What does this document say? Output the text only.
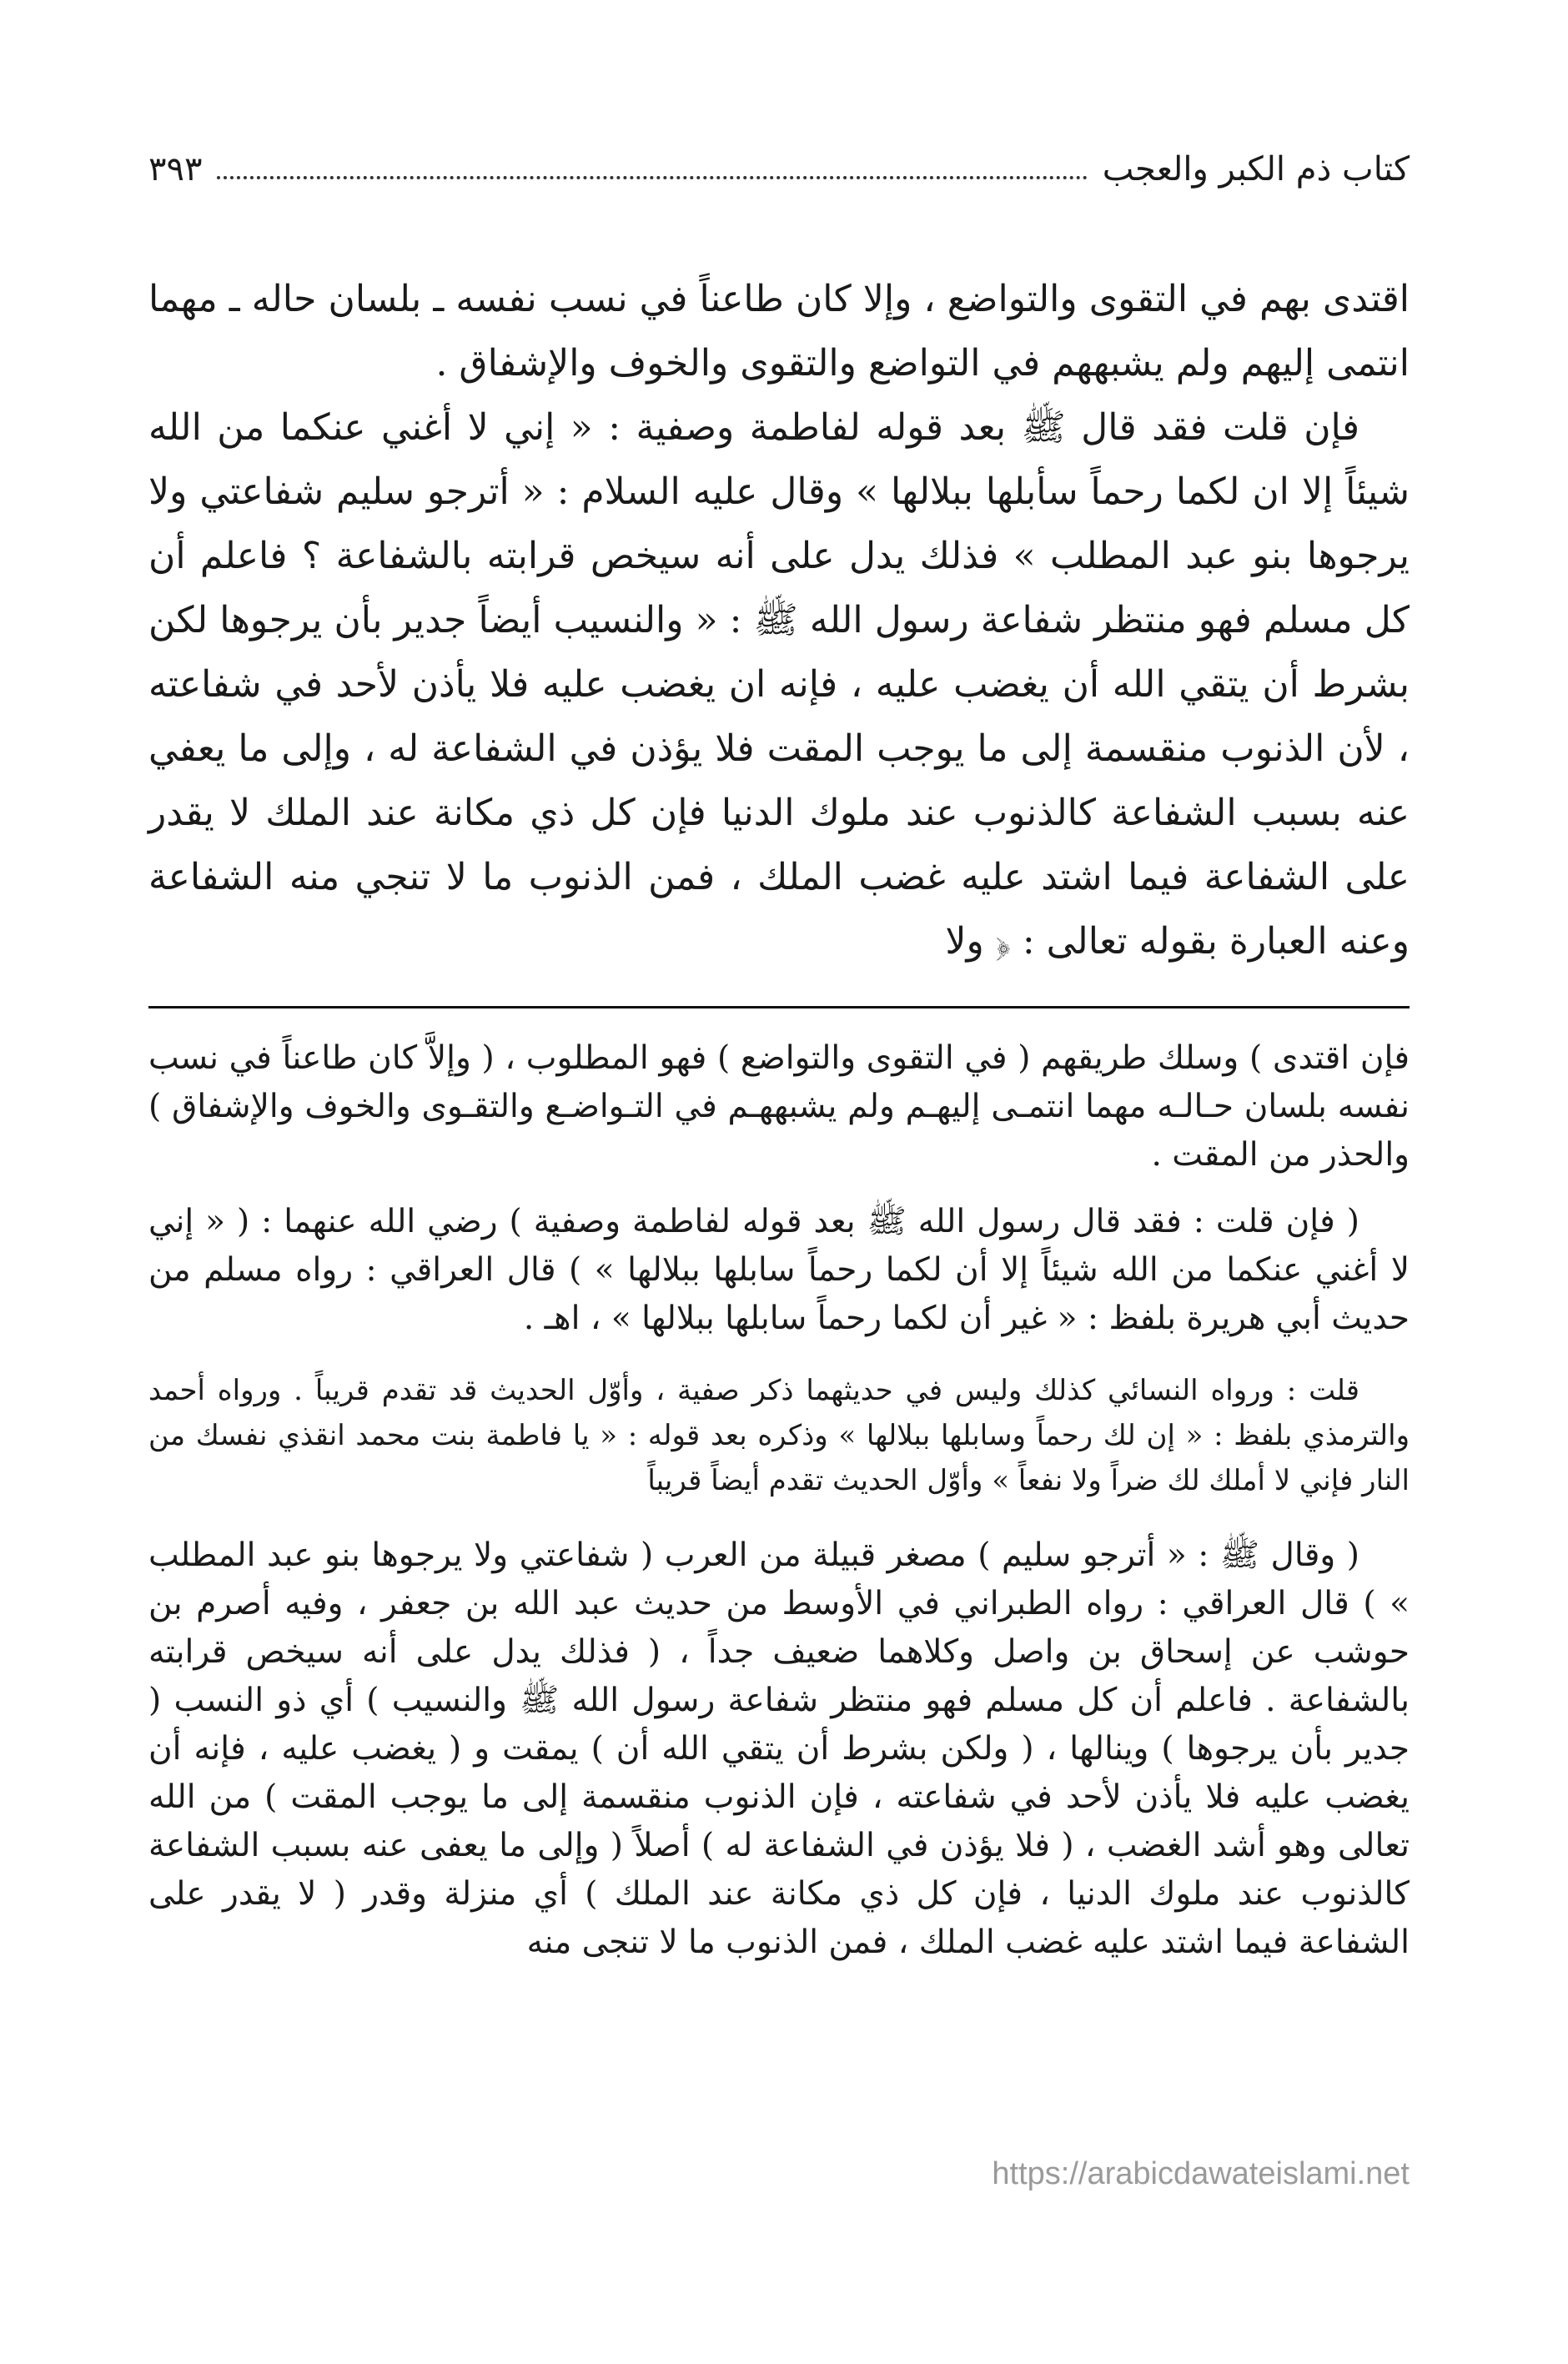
كتاب ذم الكبر والعجب
٣٩٣

اقتدى بهم في التقوى والتواضع ، وإلا كان طاعناً في نسب نفسه ـ بلسان حاله ـ مهما انتمى إليهم ولم يشبههم في التواضع والتقوى والخوف والإشفاق .

فإن قلت فقد قال ﷺ بعد قوله لفاطمة وصفية : « إني لا أغني عنكما من الله شيئاً إلا ان لكما رحماً سأبلها ببلالها » وقال عليه السلام : « أترجو سليم شفاعتي ولا يرجوها بنو عبد المطلب » فذلك يدل على أنه سيخص قرابته بالشفاعة ؟ فاعلم أن كل مسلم فهو منتظر شفاعة رسول الله ﷺ : « والنسيب أيضاً جدير بأن يرجوها لكن بشرط أن يتقي الله أن يغضب عليه ، فإنه ان يغضب عليه فلا يأذن لأحد في شفاعته ، لأن الذنوب منقسمة إلى ما يوجب المقت فلا يؤذن في الشفاعة له ، وإلى ما يعفي عنه بسبب الشفاعة كالذنوب عند ملوك الدنيا فإن كل ذي مكانة عند الملك لا يقدر على الشفاعة فيما اشتد عليه غضب الملك ، فمن الذنوب ما لا تنجي منه الشفاعة وعنه العبارة بقوله تعالى : ﴿ ولا

فإن اقتدى ) وسلك طريقهم ( في التقوى والتواضع ) فهو المطلوب ، ( وإلاَّ كان طاعناً في نسب نفسه بلسان حـالـه مهما انتمـى إليهـم ولم يشبههـم في التـواضـع والتقـوى والخوف والإشفاق ) والحذر من المقت .

( فإن قلت : فقد قال رسول الله ﷺ بعد قوله لفاطمة وصفية ) رضي الله عنهما : ( « إني لا أغني عنكما من الله شيئاً إلا أن لكما رحماً سابلها ببلالها » ) قال العراقي : رواه مسلم من حديث أبي هريرة بلفظ : « غير أن لكما رحماً سابلها ببلالها » ، اهـ .

قلت : ورواه النسائي كذلك وليس في حديثهما ذكر صفية ، وأوّل الحديث قد تقدم قريباً . ورواه أحمد والترمذي بلفظ : « إن لك رحماً وسابلها ببلالها » وذكره بعد قوله : « يا فاطمة بنت محمد انقذي نفسك من النار فإني لا أملك لك ضراً ولا نفعاً » وأوّل الحديث تقدم أيضاً قريباً

( وقال ﷺ : « أترجو سليم ) مصغر قبيلة من العرب ( شفاعتي ولا يرجوها بنو عبد المطلب » ) قال العراقي : رواه الطبراني في الأوسط من حديث عبد الله بن جعفر ، وفيه أصرم بن حوشب عن إسحاق بن واصل وكلاهما ضعيف جداً ، ( فذلك يدل على أنه سيخص قرابته بالشفاعة . فاعلم أن كل مسلم فهو منتظر شفاعة رسول الله ﷺ والنسيب ) أي ذو النسب ( جدير بأن يرجوها ) وينالها ، ( ولكن بشرط أن يتقي الله أن ) يمقت و ( يغضب عليه ، فإنه أن يغضب عليه فلا يأذن لأحد في شفاعته ، فإن الذنوب منقسمة إلى ما يوجب المقت ) من الله تعالى وهو أشد الغضب ، ( فلا يؤذن في الشفاعة له ) أصلاً ( وإلى ما يعفى عنه بسبب الشفاعة كالذنوب عند ملوك الدنيا ، فإن كل ذي مكانة عند الملك ) أي منزلة وقدر ( لا يقدر على الشفاعة فيما اشتد عليه غضب الملك ، فمن الذنوب ما لا تنجى منه

https://arabicdawateislami.net
